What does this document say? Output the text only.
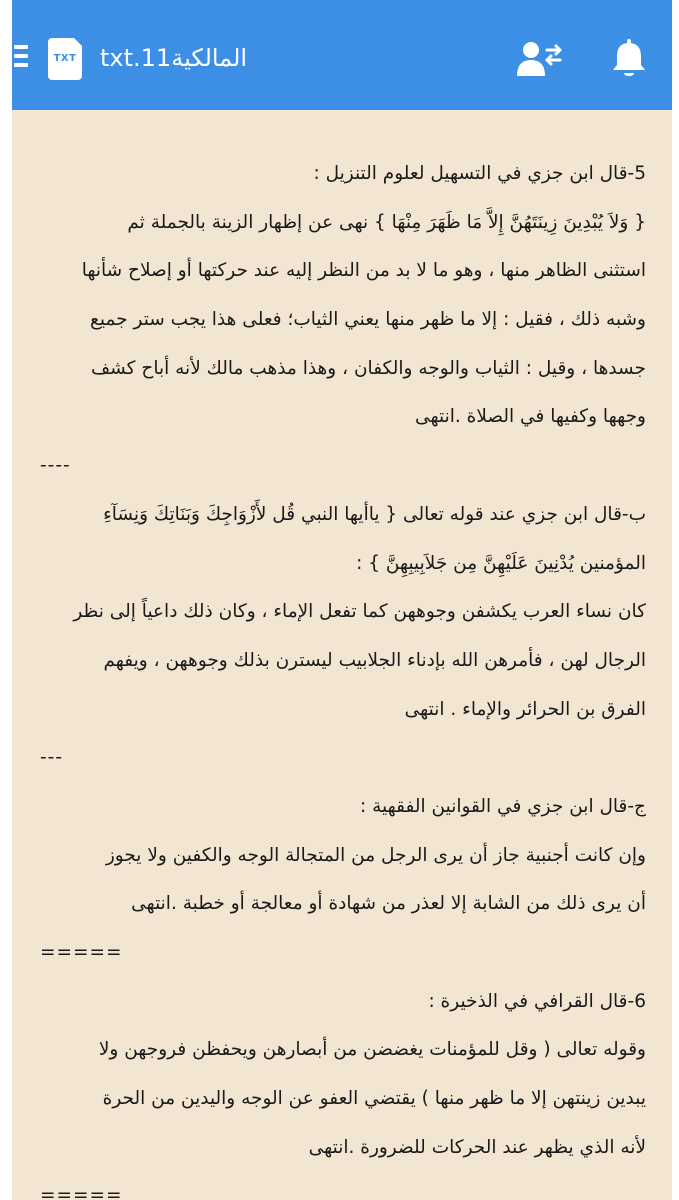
TXT txt.11المالكية
5-قال ابن جزي في التسهيل لعلوم التنزيل :
{ وَلاَ يُبْدِينَ زِينَتَهُنَّ إِلاَّ مَا ظَهَرَ مِنْهَا } نهى عن إظهار الزينة بالجملة ثم
استثنى الظاهر منها ، وهو ما لا بد من النظر إليه عند حركتها أو إصلاح شأنها
وشبه ذلك ، فقيل : إلا ما ظهر منها يعني الثياب؛ فعلى هذا يجب ستر جميع
جسدها ، وقيل : الثياب والوجه والكفان ، وهذا مذهب مالك لأنه أباح كشف
وجهها وكفيها في الصلاة .انتهى
----
ب-قال ابن جزي عند قوله تعالى { ياأيها النبي قُل لأَزْوَاجِكَ وَبَنَاتِكَ وَنِسَآءِ
المؤمنين يُدْنِينَ عَلَيْهِنَّ مِن جَلاَبِيبِهِنَّ } :
كان نساء العرب يكشفن وجوههن كما تفعل الإماء ، وكان ذلك داعياً إلى نظر
الرجال لهن ، فأمرهن الله بإدناء الجلابيب ليسترن بذلك وجوههن ، ويفهم
الفرق بن الحرائر والإماء . انتهى
---
ج-قال ابن جزي في القوانين الفقهية :
وإن كانت أجنبية جاز أن يرى الرجل من المتجالة الوجه والكفين ولا يجوز
أن يرى ذلك من الشابة إلا لعذر من شهادة أو معالجة أو خطبة .انتهى
=====
6-قال القرافي في الذخيرة :
وقوله تعالى ( وقل للمؤمنات يغضضن من أبصارهن ويحفظن فروجهن ولا
يبدين زينتهن إلا ما ظهر منها ) يقتضي العفو عن الوجه واليدين من الحرة
لأنه الذي يظهر عند الحركات للضرورة .انتهى
=====
